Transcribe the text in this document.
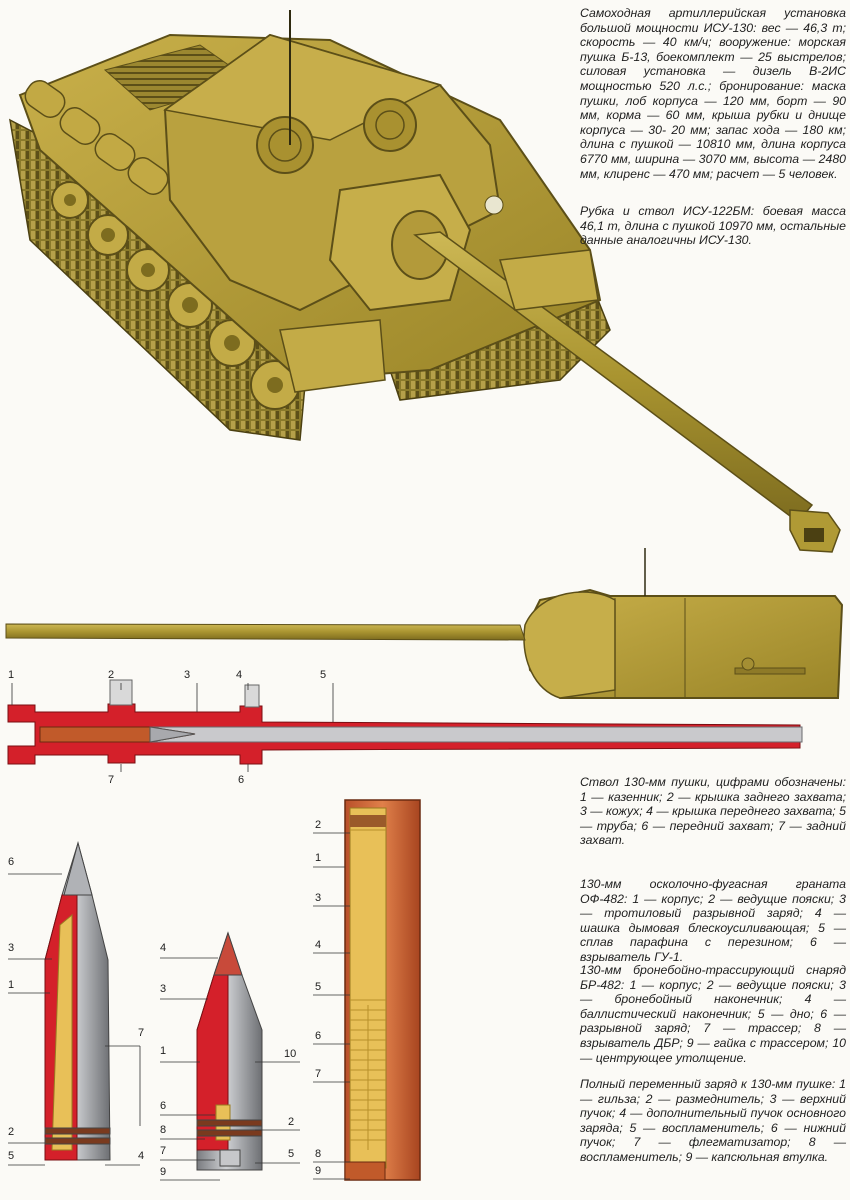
Самоходная артиллерийская установка большой мощности ИСУ-130: вес — 46,3 т; скорость — 40 км/ч; вооружение: морская пушка Б-13, боекомплект — 25 выстрелов; силовая установка — дизель В-2ИС мощностью 520 л.с.; бронирование: маска пушки, лоб корпуса — 120 мм, борт — 90 мм, корма — 60 мм, крыша рубки и днище корпуса — 30- 20 мм; запас хода — 180 км; длина с пушкой — 10810 мм, длина корпуса 6770 мм, ширина — 3070 мм, высота — 2480 мм, клиренс — 470 мм; расчет — 5 человек.

Рубка и ствол ИСУ-122БМ: боевая масса 46,1 т, длина с пушкой 10970 мм, остальные данные аналогичны ИСУ-130.

Ствол 130-мм пушки, цифрами обозначены: 1 — казенник; 2 — крышка заднего захвата; 3 — кожух; 4 — крышка переднего захвата; 5 — труба; 6 — передний захват; 7 — задний захват.

130-мм осколочно-фугасная граната ОФ-482: 1 — корпус; 2 — ведущие пояски; 3 — тротиловый разрывной заряд; 4 — шашка дымовая блескоусиливающая; 5 — сплав парафина с перезином; 6 — взрыватель ГУ-1.

130-мм бронебойно-трассирующий снаряд БР-482: 1 — корпус; 2 — ведущие пояски; 3 — бронебойный наконечник; 4 — баллистический наконечник; 5 — дно; 6 — разрывной заряд; 7 — трассер; 8 — взрыватель ДБР; 9 — гайка с трассером; 10 — центрующее утолщение.

Полный переменный заряд к 130-мм пушке: 1 — гильза; 2 — размеднитель; 3 — верхний пучок; 4 — дополнительный пучок основного заряда; 5 — воспламенитель; 6 — нижний пучок; 7 — флегматизатор; 8 — воспламенитель; 9 — капсюльная втулка.

1	2	3	4	5
7	6
6
3
1
7
2
5	4
4
3
1	10
6
8
2
7	5
9
2
1
3
4
5
6
7
8
9
